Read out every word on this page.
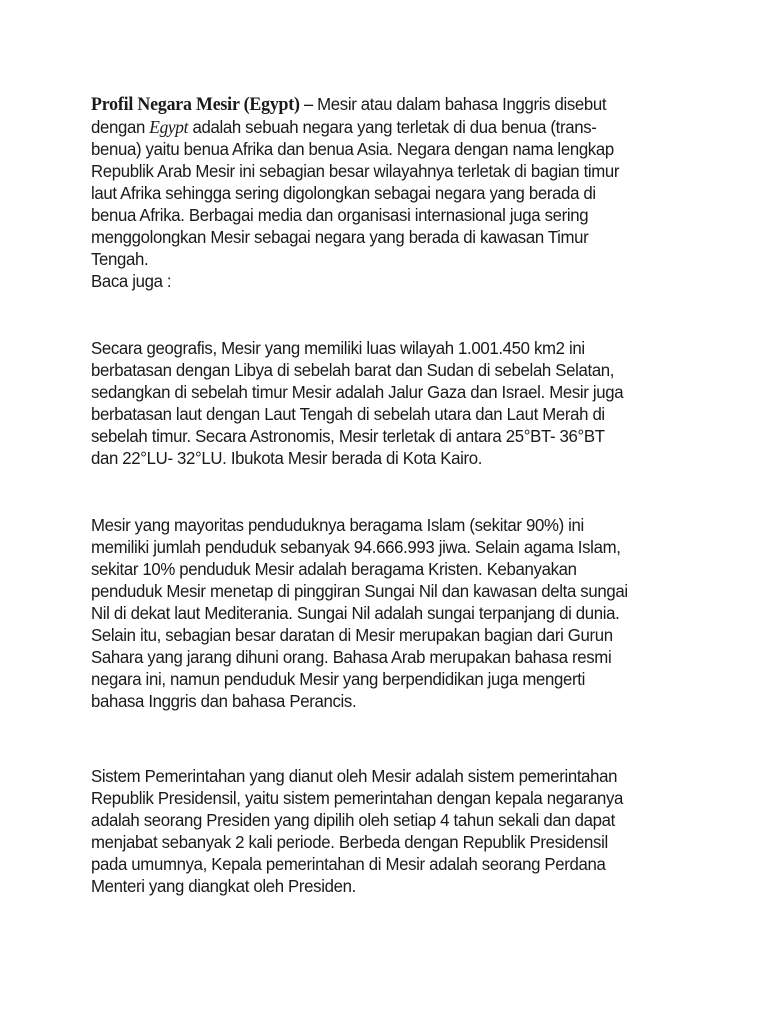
Profil Negara Mesir (Egypt) – Mesir atau dalam bahasa Inggris disebut
dengan Egypt adalah sebuah negara yang terletak di dua benua (trans-
benua) yaitu benua Afrika dan benua Asia. Negara dengan nama lengkap
Republik Arab Mesir ini sebagian besar wilayahnya terletak di bagian timur
laut Afrika sehingga sering digolongkan sebagai negara yang berada di
benua Afrika. Berbagai media dan organisasi internasional juga sering
menggolongkan Mesir sebagai negara yang berada di kawasan Timur
Tengah.
Baca juga :
Secara geografis, Mesir yang memiliki luas wilayah 1.001.450 km2 ini
berbatasan dengan Libya di sebelah barat dan Sudan di sebelah Selatan,
sedangkan di sebelah timur Mesir adalah Jalur Gaza dan Israel. Mesir juga
berbatasan laut dengan Laut Tengah di sebelah utara dan Laut Merah di
sebelah timur. Secara Astronomis, Mesir terletak di antara 25°BT- 36°BT
dan 22°LU- 32°LU. Ibukota Mesir berada di Kota Kairo.
Mesir yang mayoritas penduduknya beragama Islam (sekitar 90%) ini
memiliki jumlah penduduk sebanyak 94.666.993 jiwa. Selain agama Islam,
sekitar 10% penduduk Mesir adalah beragama Kristen. Kebanyakan
penduduk Mesir menetap di pinggiran Sungai Nil dan kawasan delta sungai
Nil di dekat laut Mediterania. Sungai Nil adalah sungai terpanjang di dunia.
Selain itu, sebagian besar daratan di Mesir merupakan bagian dari Gurun
Sahara yang jarang dihuni orang. Bahasa Arab merupakan bahasa resmi
negara ini, namun penduduk Mesir yang berpendidikan juga mengerti
bahasa Inggris dan bahasa Perancis.
Sistem Pemerintahan yang dianut oleh Mesir adalah sistem pemerintahan
Republik Presidensil, yaitu sistem pemerintahan dengan kepala negaranya
adalah seorang Presiden yang dipilih oleh setiap 4 tahun sekali dan dapat
menjabat sebanyak 2 kali periode. Berbeda dengan Republik Presidensil
pada umumnya, Kepala pemerintahan di Mesir adalah seorang Perdana
Menteri yang diangkat oleh Presiden.
